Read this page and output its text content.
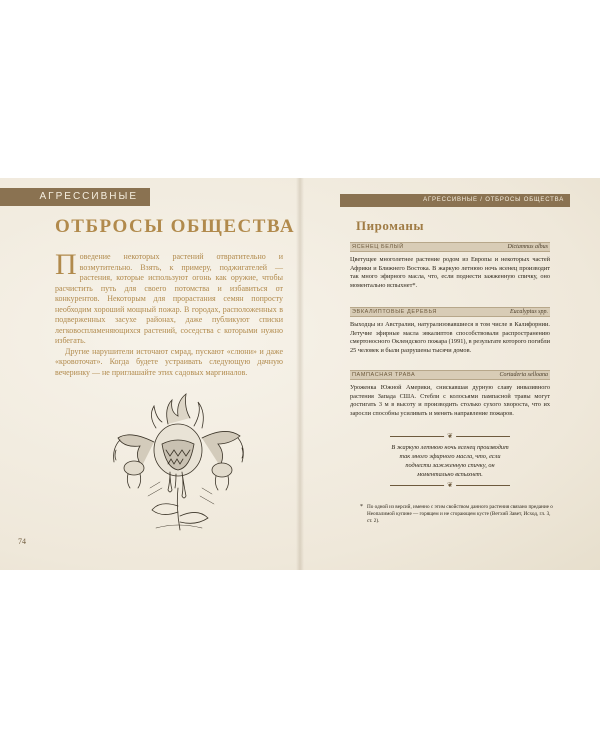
АГРЕССИВНЫЕ
ОТБРОСЫ ОБЩЕСТВА

Поведение некоторых растений отвратительно и возмутительно. Взять, к примеру, поджигателей — растения, которые используют огонь как оружие, чтобы расчистить путь для своего потомства и избавиться от конкурентов. Некоторым для прорастания семян попросту необходим хороший мощный пожар. В городах, расположенных в подверженных засухе районах, даже публикуют списки легковоспламеняющихся растений, соседства с которыми нужно избегать.

Другие нарушители источают смрад, пускают «слюни» и даже «кровоточат». Когда будете устраивать следующую дачную вечеринку — не приглашайте этих садовых маргиналов.

74
АГРЕССИВНЫЕ / ОТБРОСЫ ОБЩЕСТВА
Пироманы
ЯСЕНЕЦ БЕЛЫЙ	Dictamnus albus
Цветущее многолетнее растение родом из Европы и некоторых частей Африки и Ближнего Востока. В жаркую летнюю ночь ясенец производит так много эфирного масла, что, если поднести зажженную спичку, оно моментально вспыхнет*.
ЭВКАЛИПТОВЫЕ ДЕРЕВЬЯ	Eucalyptus spp.
Выходцы из Австралии, натурализовавшиеся в том числе в Калифорнии. Летучие эфирные масла эвкалиптов способствовали распространению смертоносного Оклендского пожара (1991), в результате которого погибли 25 человек и были разрушены тысячи домов.
ПАМПАСНАЯ ТРАВА	Cortaderia selloana
Уроженка Южной Америки, снискавшая дурную славу инвазивного растения Запада США. Стебли с колосьями пампасной травы могут достигать 3 м в высоту и производить столько сухого хвороста, что их заросли способны усиливать и менять направление пожаров.
❦
В жаркую летнюю ночь ясенец производит так много эфирного масла, что, если поднести зажженную спичку, он моментально вспыхнет.
❦
* По одной из версий, именно с этим свойством данного растения связано предание о Неопалимой купине — горящем и не сгорающем кусте (Ветхий Завет, Исход, гл. 3, ст. 2).
